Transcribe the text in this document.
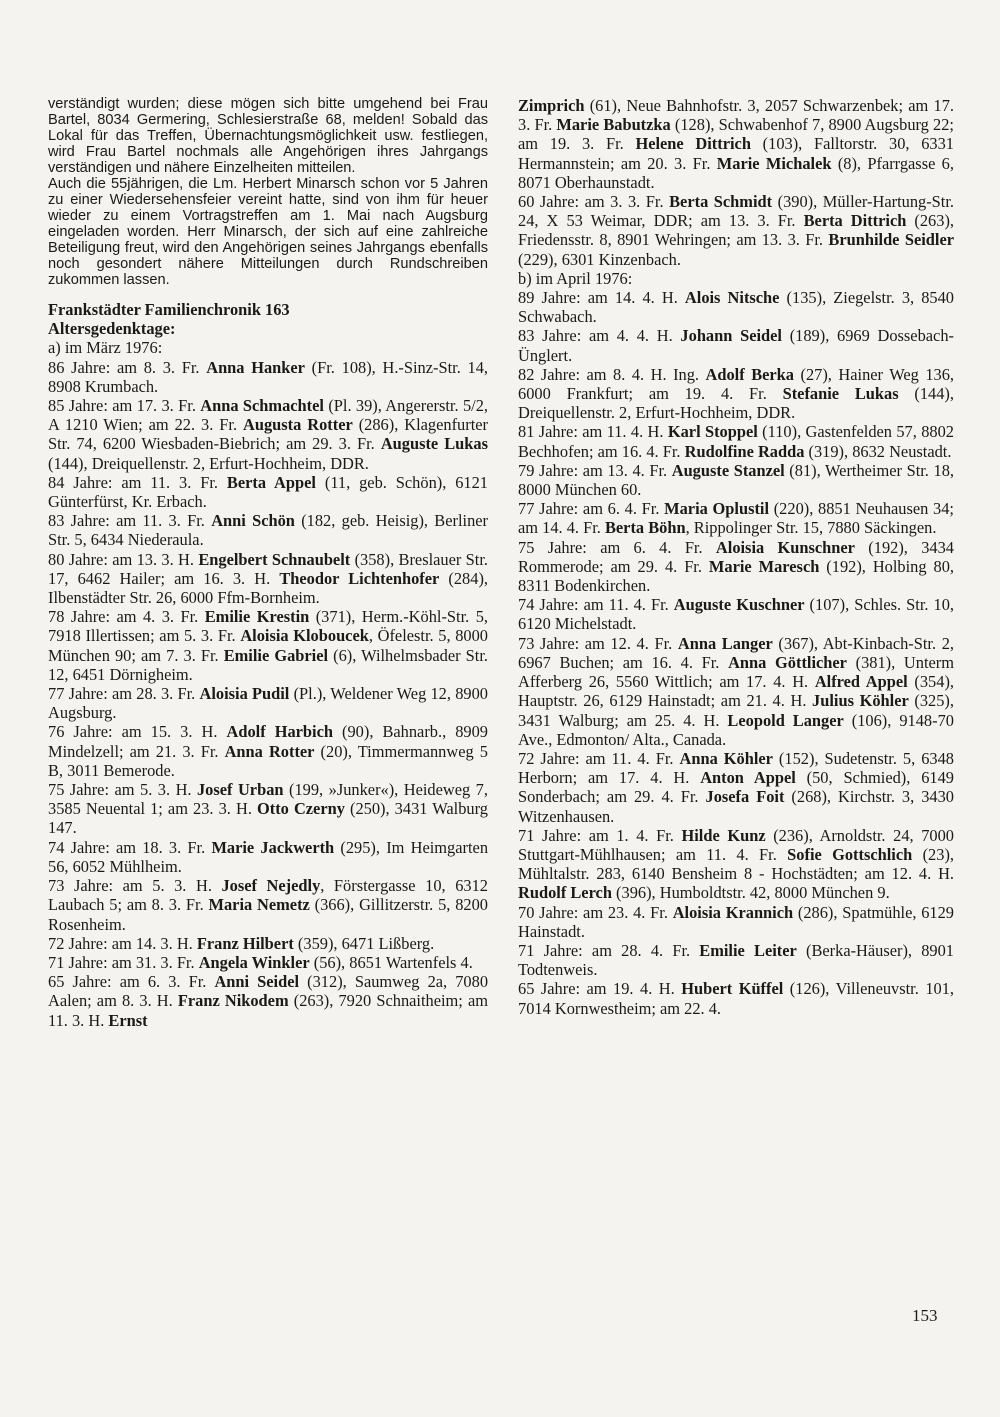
verständigt wurden; diese mögen sich bitte umgehend bei Frau Bartel, 8034 Germering, Schlesierstraße 68, melden! Sobald das Lokal für das Treffen, Übernachtungsmöglichkeit usw. festliegen, wird Frau Bartel nochmals alle Angehörigen ihres Jahrgangs verständigen und nähere Einzelheiten mitteilen.

Auch die 55jährigen, die Lm. Herbert Minarsch schon vor 5 Jahren zu einer Wiedersehensfeier vereint hatte, sind von ihm für heuer wieder zu einem Vortragstreffen am 1. Mai nach Augsburg eingeladen worden. Herr Minarsch, der sich auf eine zahlreiche Beteiligung freut, wird den Angehörigen seines Jahrgangs ebenfalls noch gesondert nähere Mitteilungen durch Rundschreiben zukommen lassen.

Frankstädter Familienchronik 163

Altersgedenktage:

a) im März 1976:

86 Jahre: am 8. 3. Fr. Anna Hanker (Fr. 108), H.-Sinz-Str. 14, 8908 Krumbach.

85 Jahre: am 17. 3. Fr. Anna Schmachtel (Pl. 39), Angererstr. 5/2, A 1210 Wien; am 22. 3. Fr. Augusta Rotter (286), Klagenfurter Str. 74, 6200 Wiesbaden-Biebrich; am 29. 3. Fr. Auguste Lukas (144), Dreiquellenstr. 2, Erfurt-Hochheim, DDR.

84 Jahre: am 11. 3. Fr. Berta Appel (11, geb. Schön), 6121 Günterfürst, Kr. Erbach.

83 Jahre: am 11. 3. Fr. Anni Schön (182, geb. Heisig), Berliner Str. 5, 6434 Niederaula.

80 Jahre: am 13. 3. H. Engelbert Schnaubelt (358), Breslauer Str. 17, 6462 Hailer; am 16. 3. H. Theodor Lichtenhofer (284), Ilbenstädter Str. 26, 6000 Ffm-Bornheim.

78 Jahre: am 4. 3. Fr. Emilie Krestin (371), Herm.-Köhl-Str. 5, 7918 Illertissen; am 5. 3. Fr. Aloisia Kloboucek, Öfelestr. 5, 8000 München 90; am 7. 3. Fr. Emilie Gabriel (6), Wilhelmsbader Str. 12, 6451 Dörnigheim.

77 Jahre: am 28. 3. Fr. Aloisia Pudil (Pl.), Weldener Weg 12, 8900 Augsburg.

76 Jahre: am 15. 3. H. Adolf Harbich (90), Bahnarb., 8909 Mindelzell; am 21. 3. Fr. Anna Rotter (20), Timmermannweg 5 B, 3011 Bemerode.

75 Jahre: am 5. 3. H. Josef Urban (199, »Junker«), Heideweg 7, 3585 Neuental 1; am 23. 3. H. Otto Czerny (250), 3431 Walburg 147.

74 Jahre: am 18. 3. Fr. Marie Jackwerth (295), Im Heimgarten 56, 6052 Mühlheim.

73 Jahre: am 5. 3. H. Josef Nejedly, Förstergasse 10, 6312 Laubach 5; am 8. 3. Fr. Maria Nemetz (366), Gillitzerstr. 5, 8200 Rosenheim.

72 Jahre: am 14. 3. H. Franz Hilbert (359), 6471 Lißberg.

71 Jahre: am 31. 3. Fr. Angela Winkler (56), 8651 Wartenfels 4.

65 Jahre: am 6. 3. Fr. Anni Seidel (312), Saumweg 2a, 7080 Aalen; am 8. 3. H. Franz Nikodem (263), 7920 Schnaitheim; am 11. 3. H. Ernst

Zimprich (61), Neue Bahnhofstr. 3, 2057 Schwarzenbek; am 17. 3. Fr. Marie Babutzka (128), Schwabenhof 7, 8900 Augsburg 22; am 19. 3. Fr. Helene Dittrich (103), Falltorstr. 30, 6331 Hermannstein; am 20. 3. Fr. Marie Michalek (8), Pfarrgasse 6, 8071 Oberhaunstadt.

60 Jahre: am 3. 3. Fr. Berta Schmidt (390), Müller-Hartung-Str. 24, X 53 Weimar, DDR; am 13. 3. Fr. Berta Dittrich (263), Friedensstr. 8, 8901 Wehringen; am 13. 3. Fr. Brunhilde Seidler (229), 6301 Kinzenbach.

b) im April 1976:

89 Jahre: am 14. 4. H. Alois Nitsche (135), Ziegelstr. 3, 8540 Schwabach.

83 Jahre: am 4. 4. H. Johann Seidel (189), 6969 Dossebach-Ünglert.

82 Jahre: am 8. 4. H. Ing. Adolf Berka (27), Hainer Weg 136, 6000 Frankfurt; am 19. 4. Fr. Stefanie Lukas (144), Dreiquellenstr. 2, Erfurt-Hochheim, DDR.

81 Jahre: am 11. 4. H. Karl Stoppel (110), Gastenfelden 57, 8802 Bechhofen; am 16. 4. Fr. Rudolfine Radda (319), 8632 Neustadt.

79 Jahre: am 13. 4. Fr. Auguste Stanzel (81), Wertheimer Str. 18, 8000 München 60.

77 Jahre: am 6. 4. Fr. Maria Oplustil (220), 8851 Neuhausen 34; am 14. 4. Fr. Berta Böhn, Rippolinger Str. 15, 7880 Säckingen.

75 Jahre: am 6. 4. Fr. Aloisia Kunschner (192), 3434 Rommerode; am 29. 4. Fr. Marie Maresch (192), Holbing 80, 8311 Bodenkirchen.

74 Jahre: am 11. 4. Fr. Auguste Kuschner (107), Schles. Str. 10, 6120 Michelstadt.

73 Jahre: am 12. 4. Fr. Anna Langer (367), Abt-Kinbach-Str. 2, 6967 Buchen; am 16. 4. Fr. Anna Göttlicher (381), Unterm Afferberg 26, 5560 Wittlich; am 17. 4. H. Alfred Appel (354), Hauptstr. 26, 6129 Hainstadt; am 21. 4. H. Julius Köhler (325), 3431 Walburg; am 25. 4. H. Leopold Langer (106), 9148-70 Ave., Edmonton/ Alta., Canada.

72 Jahre: am 11. 4. Fr. Anna Köhler (152), Sudetenstr. 5, 6348 Herborn; am 17. 4. H. Anton Appel (50, Schmied), 6149 Sonderbach; am 29. 4. Fr. Josefa Foit (268), Kirchstr. 3, 3430 Witzenhausen.

71 Jahre: am 1. 4. Fr. Hilde Kunz (236), Arnoldstr. 24, 7000 Stuttgart-Mühlhausen; am 11. 4. Fr. Sofie Gottschlich (23), Mühltalstr. 283, 6140 Bensheim 8 - Hochstädten; am 12. 4. H. Rudolf Lerch (396), Humboldtstr. 42, 8000 München 9.

70 Jahre: am 23. 4. Fr. Aloisia Krannich (286), Spatmühle, 6129 Hainstadt.

71 Jahre: am 28. 4. Fr. Emilie Leiter (Berka-Häuser), 8901 Todtenweis.

65 Jahre: am 19. 4. H. Hubert Küffel (126), Villeneuvstr. 101, 7014 Kornwestheim; am 22. 4.

153
